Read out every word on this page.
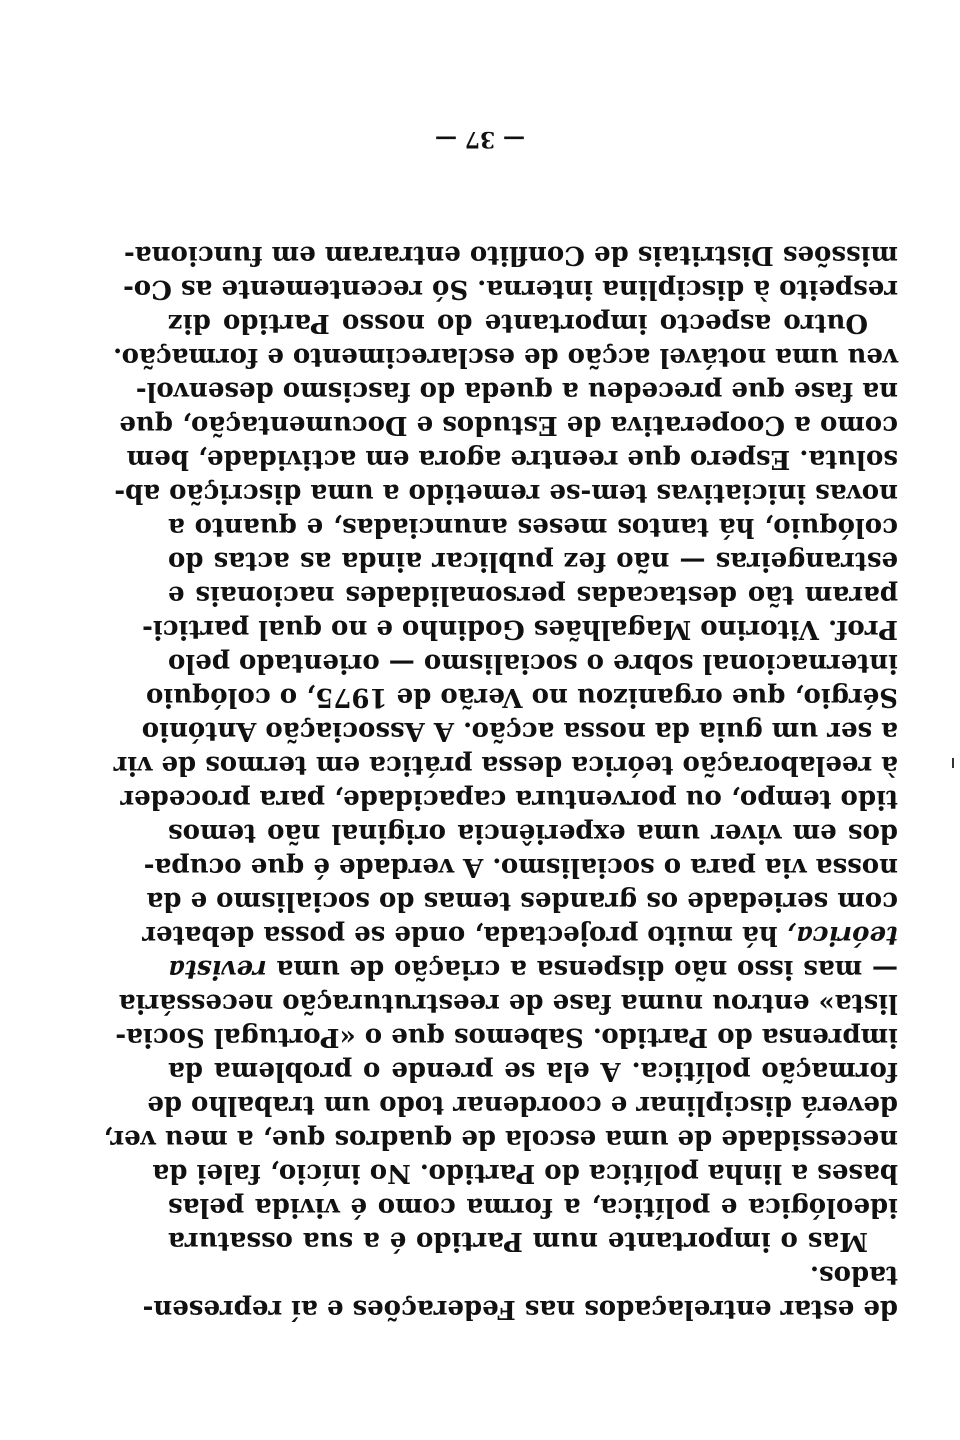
de estar entrelaçados nas Federações e aí represen-
tados.
Mas o importante num Partido é a sua ossatura
ideológica e política, a forma como é vivida pelas
bases a linha política do Partido. No início, falei da
necessidade de uma escola de quadros que, a meu ver,
deverá disciplinar e coordenar todo um trabalho de
formação política. A ela se prende o problema da
imprensa do Partido. Sabemos que o «Portugal Socia-
lista» entrou numa fase de reestruturação necessária
— mas isso não dispensa a criação de uma revista
teórica, há muito projectada, onde se possa debater
com seriedade os grandes temas do socialismo e da
nossa via para o socialismo. A verdade é que ocupa-
dos em viver uma experiência original não temos
tido tempo, ou porventura capacidade, para proceder
à reelaboração teórica dessa prática em termos de vir
a ser um guia da nossa acção. A Associação António
Sérgio, que organizou no Verão de 1975, o colóquio
internacional sobre o socialismo — orientado pelo
Prof. Vitorino Magalhães Godinho e no qual partici-
param tão destacadas personalidades nacionais e
estrangeiras — não fez publicar ainda as actas do
colóquio, há tantos meses anunciadas, e quanto a
novas iniciativas tem-se remetido a uma discrição ab-
soluta. Espero que reentre agora em actividade, bem
como a Cooperativa de Estudos e Documentação, que
na fase que precedeu a queda do fascismo desenvol-
veu uma notável acção de esclarecimento e formação.
Outro aspecto importante do nosso Partido diz
respeito à disciplina interna. Só recentemente as Co-
missões Distritais de Conflito entraram em funciona-
— 37 —
